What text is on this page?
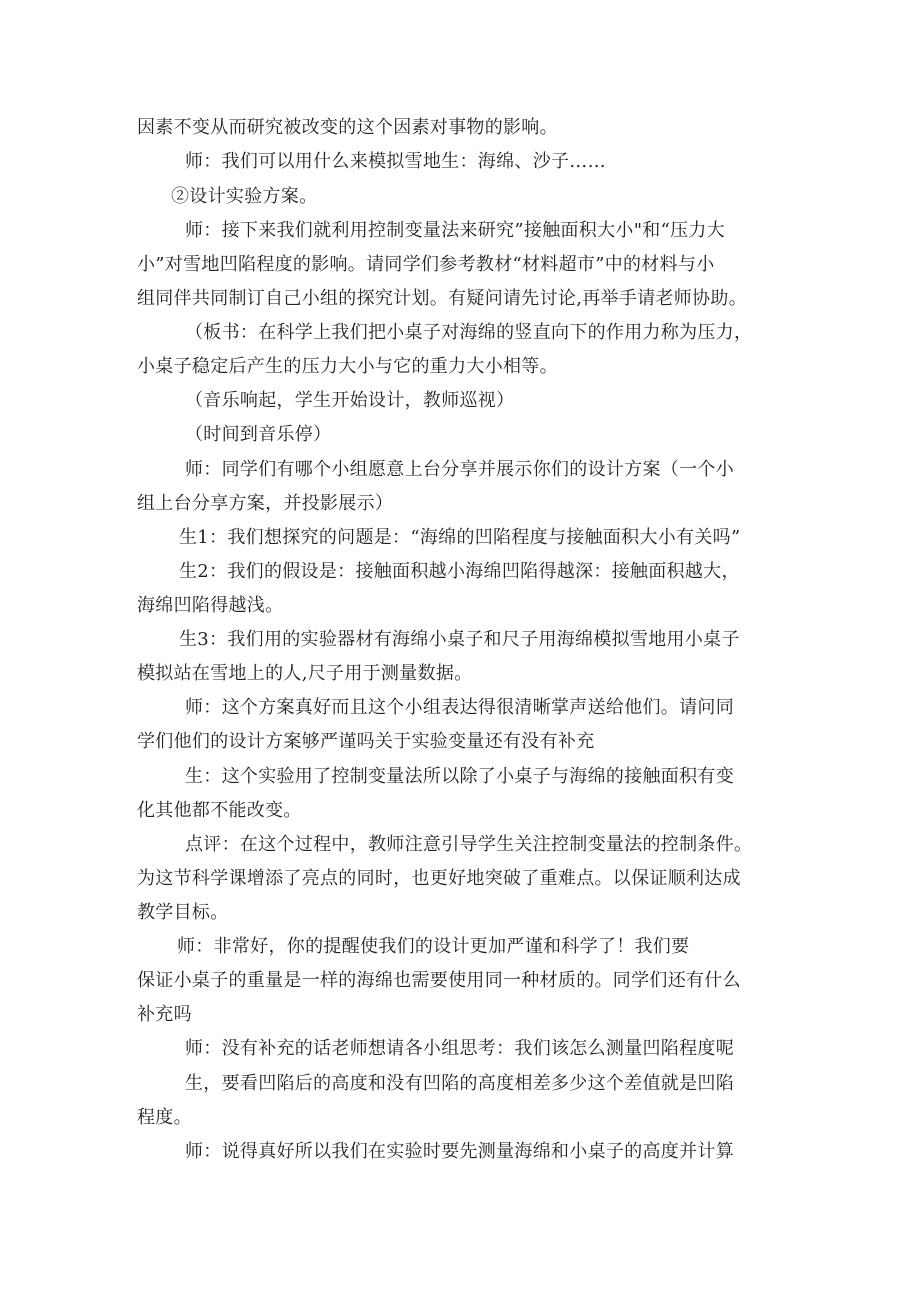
因素不变从而研究被改变的这个因素对事物的影响。
师：我们可以用什么来模拟雪地生：海绵、沙子……
②设计实验方案。
师：接下来我们就利用控制变量法来研究”接触面积大小"和“压力大
小”对雪地凹陷程度的影响。请同学们参考教材“材料超市”中的材料与小
组同伴共同制订自己小组的探究计划。有疑问请先讨论,再举手请老师协助。
（板书：在科学上我们把小桌子对海绵的竖直向下的作用力称为压力，
小桌子稳定后产生的压力大小与它的重力大小相等。
（音乐响起，学生开始设计，教师巡视）
（时间到音乐停）
师：同学们有哪个小组愿意上台分享并展示你们的设计方案（一个小
组上台分享方案，并投影展示）
生1：我们想探究的问题是：“海绵的凹陷程度与接触面积大小有关吗”
生2：我们的假设是：接触面积越小海绵凹陷得越深：接触面积越大，
海绵凹陷得越浅。
生3：我们用的实验器材有海绵小桌子和尺子用海绵模拟雪地用小桌子
模拟站在雪地上的人,尺子用于测量数据。
师：这个方案真好而且这个小组表达得很清晰掌声送给他们。请问同
学们他们的设计方案够严谨吗关于实验变量还有没有补充
生：这个实验用了控制变量法所以除了小桌子与海绵的接触面积有变
化其他都不能改变。
点评：在这个过程中，教师注意引导学生关注控制变量法的控制条件。
为这节科学课增添了亮点的同时，也更好地突破了重难点。以保证顺利达成
教学目标。
师：非常好，你的提醒使我们的设计更加严谨和科学了！我们要
保证小桌子的重量是一样的海绵也需要使用同一种材质的。同学们还有什么
补充吗
师：没有补充的话老师想请各小组思考：我们该怎么测量凹陷程度呢
生，要看凹陷后的高度和没有凹陷的高度相差多少这个差值就是凹陷
程度。
师：说得真好所以我们在实验时要先测量海绵和小桌子的高度并计算
